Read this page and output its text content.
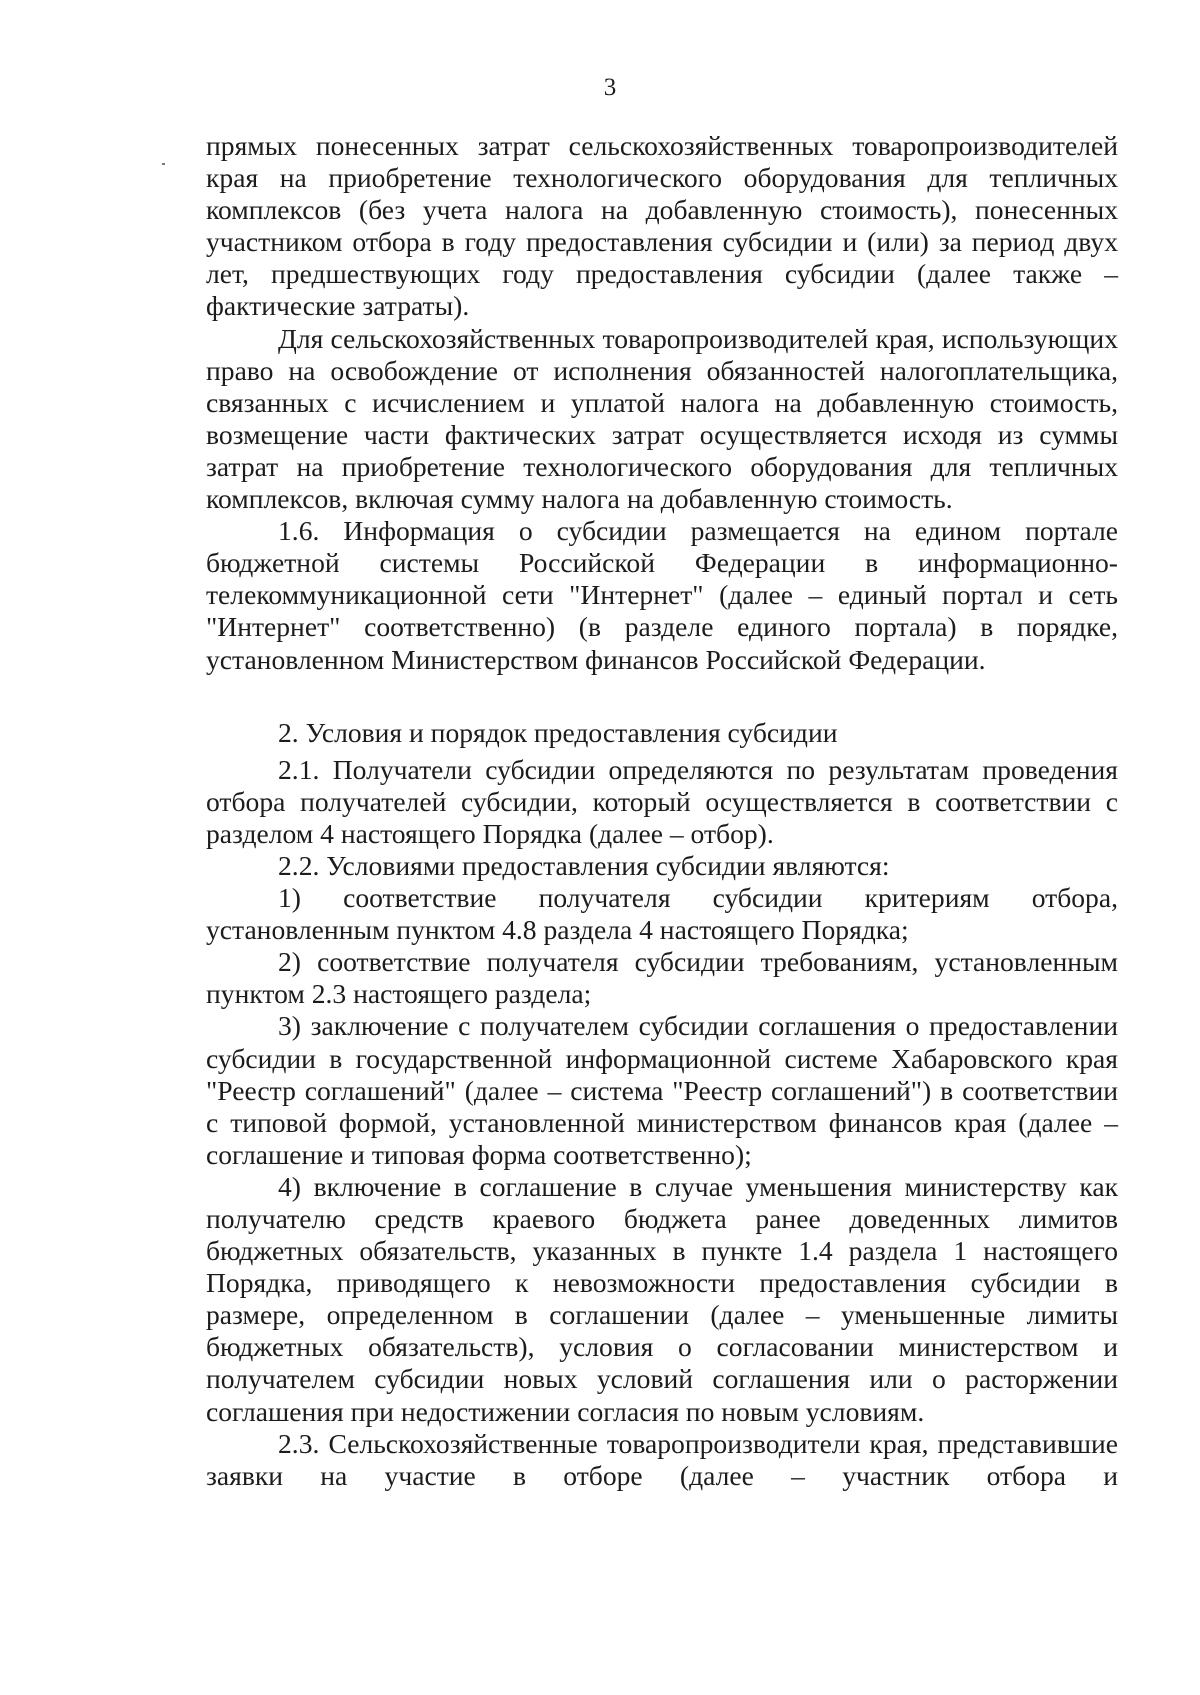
3

прямых понесенных затрат сельскохозяйственных товаропроизводителей края на приобретение технологического оборудования для тепличных комплексов (без учета налога на добавленную стоимость), понесенных участником отбора в году предоставления субсидии и (или) за период двух лет, предшествующих году предоставления субсидии (далее также – фактические затраты).

Для сельскохозяйственных товаропроизводителей края, использующих право на освобождение от исполнения обязанностей налогоплательщика, связанных с исчислением и уплатой налога на добавленную стоимость, возмещение части фактических затрат осуществляется исходя из суммы затрат на приобретение технологического оборудования для тепличных комплексов, включая сумму налога на добавленную стоимость.

1.6. Информация о субсидии размещается на едином портале бюджетной системы Российской Федерации в информационно-телекоммуникационной сети "Интернет" (далее – единый портал и сеть "Интернет" соответственно) (в разделе единого портала) в порядке, установленном Министерством финансов Российской Федерации.

2. Условия и порядок предоставления субсидии

2.1. Получатели субсидии определяются по результатам проведения отбора получателей субсидии, который осуществляется в соответствии с разделом 4 настоящего Порядка (далее – отбор).

2.2. Условиями предоставления субсидии являются:

1) соответствие получателя субсидии критериям отбора, установленным пунктом 4.8 раздела 4 настоящего Порядка;

2) соответствие получателя субсидии требованиям, установленным пунктом 2.3 настоящего раздела;

3) заключение с получателем субсидии соглашения о предоставлении субсидии в государственной информационной системе Хабаровского края "Реестр соглашений" (далее – система "Реестр соглашений") в соответствии с типовой формой, установленной министерством финансов края (далее – соглашение и типовая форма соответственно);

4) включение в соглашение в случае уменьшения министерству как получателю средств краевого бюджета ранее доведенных лимитов бюджетных обязательств, указанных в пункте 1.4 раздела 1 настоящего Порядка, приводящего к невозможности предоставления субсидии в размере, определенном в соглашении (далее – уменьшенные лимиты бюджетных обязательств), условия о согласовании министерством и получателем субсидии новых условий соглашения или о расторжении соглашения при недостижении согласия по новым условиям.

2.3. Сельскохозяйственные товаропроизводители края, представившие заявки на участие в отборе (далее – участник отбора и
